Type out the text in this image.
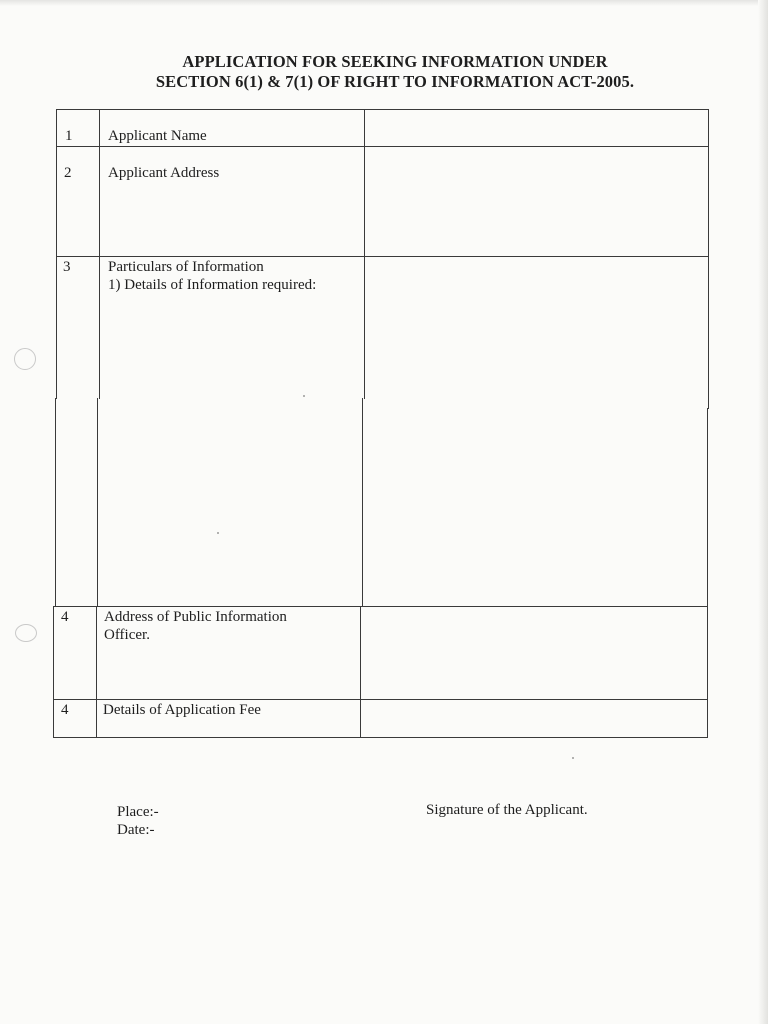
APPLICATION FOR SEEKING INFORMATION UNDER
SECTION 6(1) & 7(1) OF RIGHT TO INFORMATION ACT-2005.
1 Applicant Name
2 Applicant Address
3	Particulars of Information
1) Details of Information required:
4 Address of Public Information
Officer.
4 Details of Application Fee
Place:-
Date:-
Signature of the Applicant.
